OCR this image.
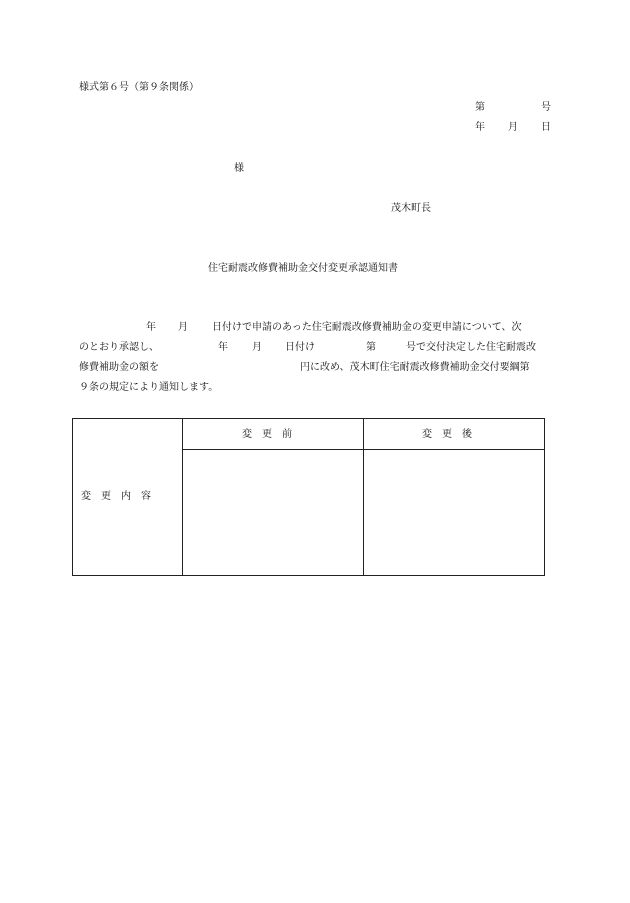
様式第６号（第９条関係）
第	号
年 月 日
様
茂木町長
住宅耐震改修費補助金交付変更承認通知書
年 月 日付けで申請のあった住宅耐震改修費補助金の変更申請について、次
のとおり承認し、	年 月 日付け	第	号で交付決定した住宅耐震改
修費補助金の額を	円に改め、茂木町住宅耐震改修費補助金交付要綱第
９条の規定により通知します。
変　更　内　容
変　更　前	変　更　後
